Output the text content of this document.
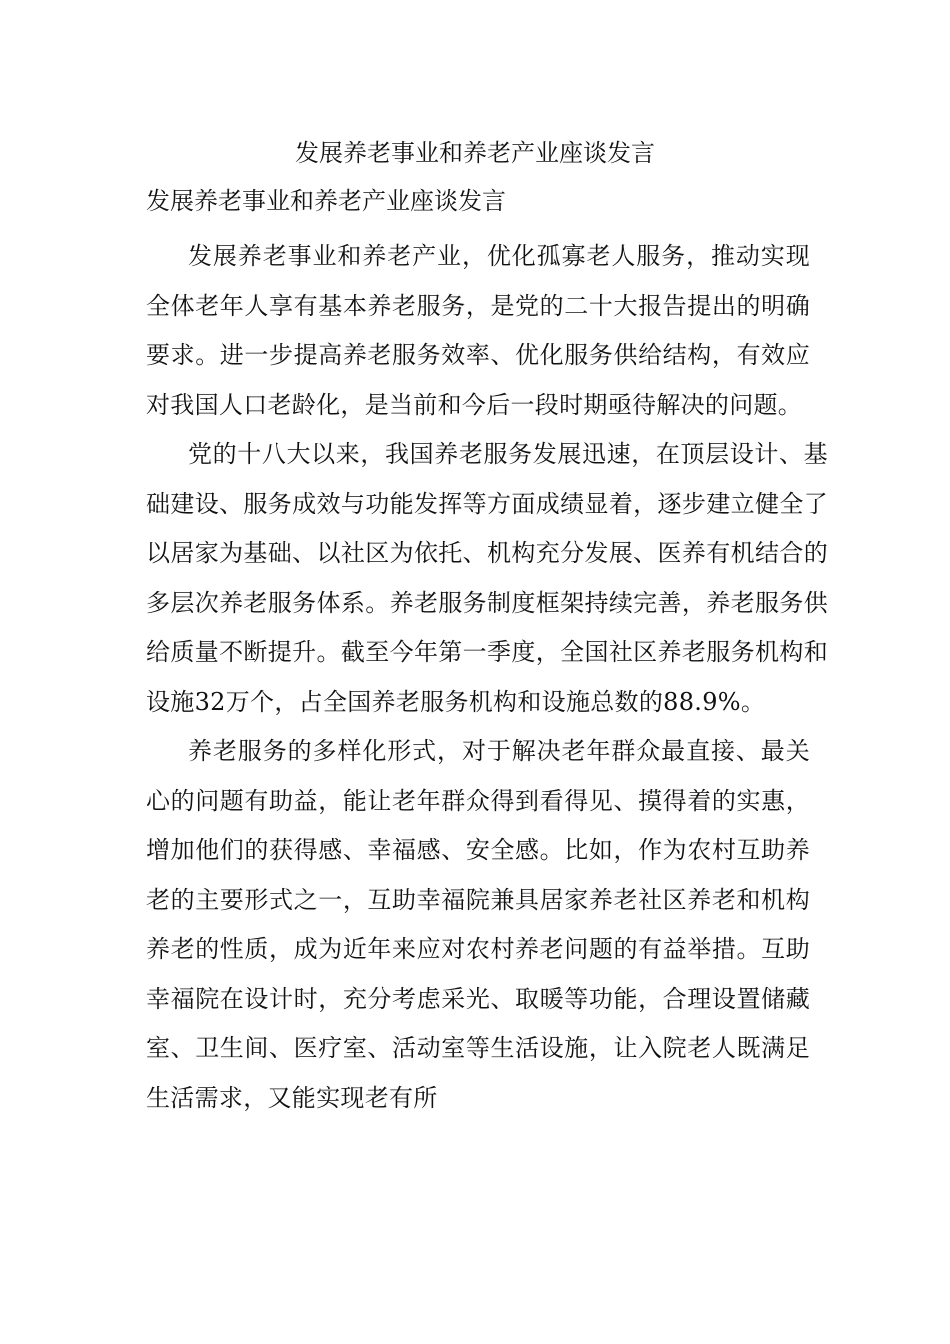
发展养老事业和养老产业座谈发言
发展养老事业和养老产业座谈发言

发展养老事业和养老产业，优化孤寡老人服务，推动实现全体老年人享有基本养老服务，是党的二十大报告提出的明确要求。进一步提高养老服务效率、优化服务供给结构，有效应对我国人口老龄化，是当前和今后一段时期亟待解决的问题。

党的十八大以来，我国养老服务发展迅速，在顶层设计、基础建设、服务成效与功能发挥等方面成绩显着，逐步建立健全了以居家为基础、以社区为依托、机构充分发展、医养有机结合的多层次养老服务体系。养老服务制度框架持续完善，养老服务供给质量不断提升。截至今年第一季度，全国社区养老服务机构和设施32万个，占全国养老服务机构和设施总数的88.9%。

养老服务的多样化形式，对于解决老年群众最直接、最关心的问题有助益，能让老年群众得到看得见、摸得着的实惠，增加他们的获得感、幸福感、安全感。比如，作为农村互助养老的主要形式之一，互助幸福院兼具居家养老社区养老和机构养老的性质，成为近年来应对农村养老问题的有益举措。互助幸福院在设计时，充分考虑采光、取暖等功能，合理设置储藏室、卫生间、医疗室、活动室等生活设施，让入院老人既满足生活需求，又能实现老有所
